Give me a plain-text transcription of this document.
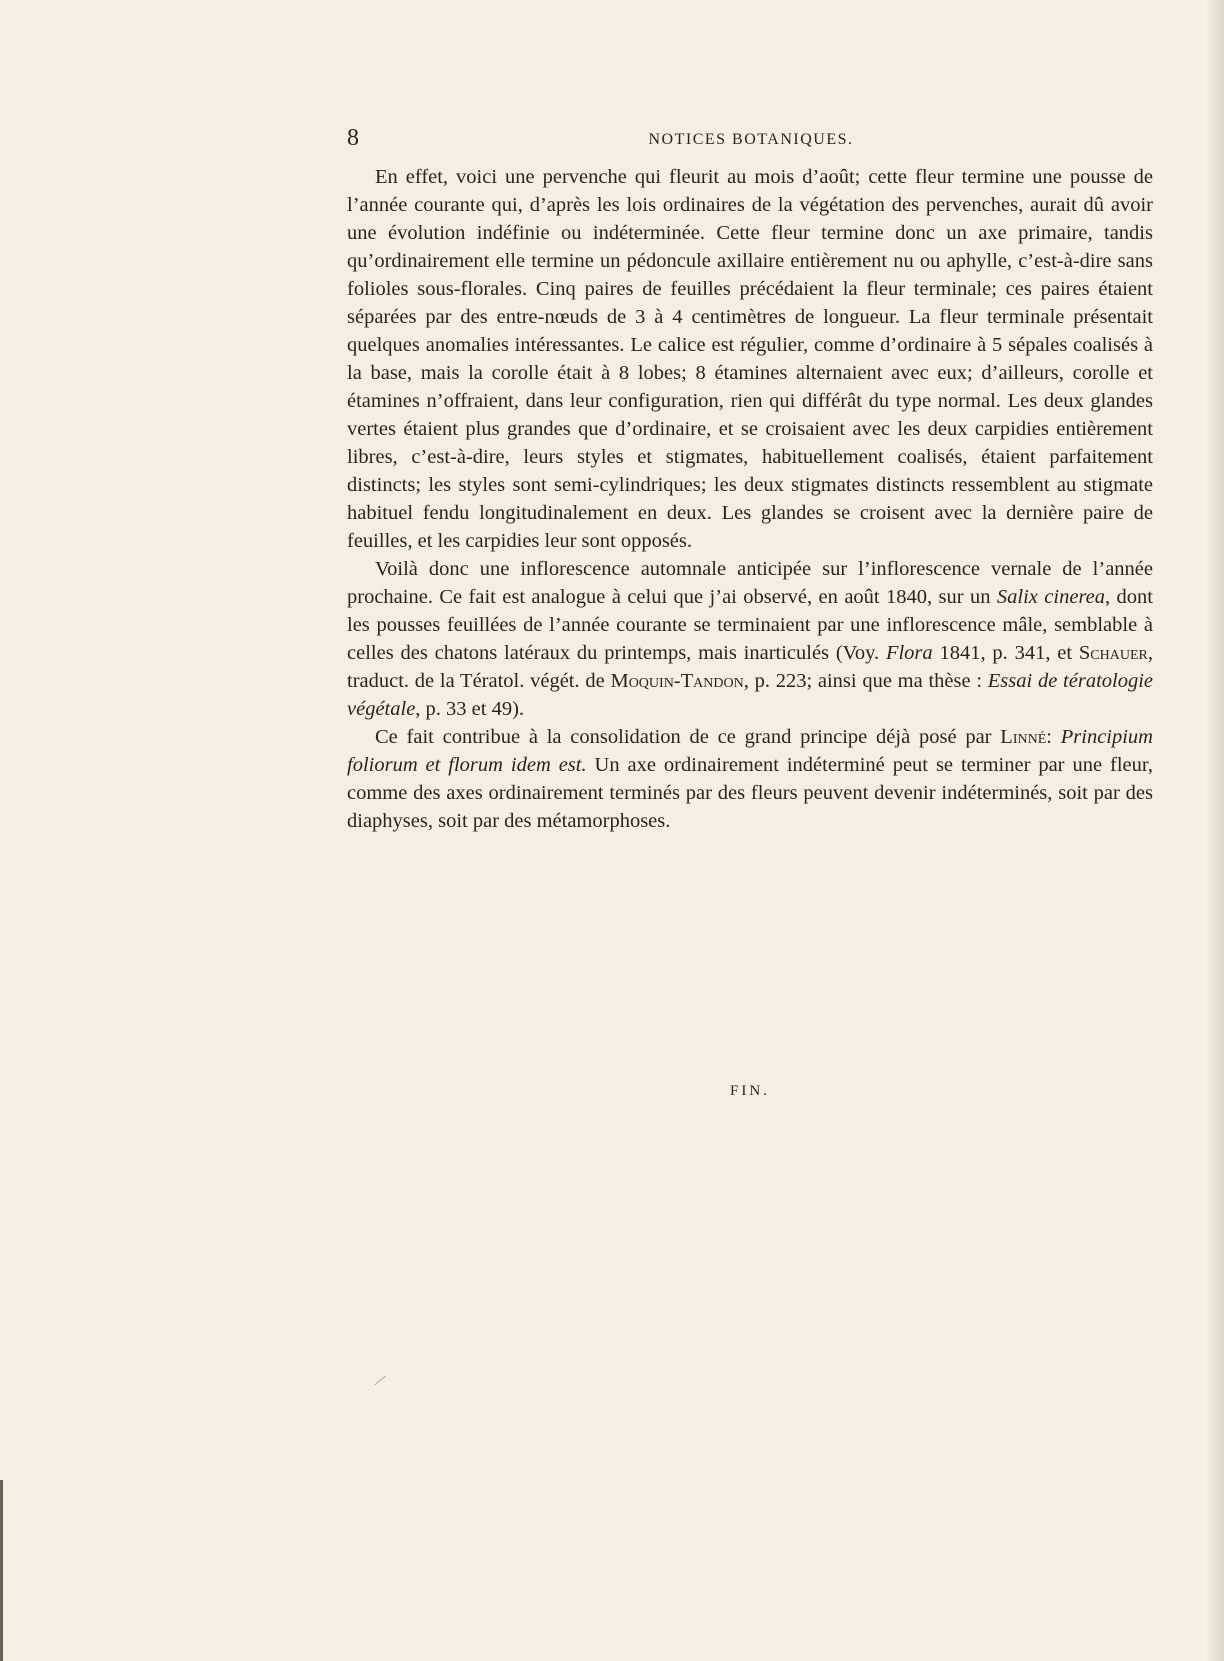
8	NOTICES BOTANIQUES.

En effet, voici une pervenche qui fleurit au mois d’août; cette fleur termine une pousse de l’année courante qui, d’après les lois ordinaires de la végétation des pervenches, aurait dû avoir une évolution indéfinie ou indéterminée. Cette fleur termine donc un axe primaire, tandis qu’ordinairement elle termine un pédoncule axillaire entièrement nu ou aphylle, c’est-à-dire sans folioles sous-florales. Cinq paires de feuilles précédaient la fleur terminale; ces paires étaient séparées par des entre-nœuds de 3 à 4 centimètres de longueur. La fleur terminale présentait quelques anomalies intéressantes. Le calice est régulier, comme d’ordinaire à 5 sépales coalisés à la base, mais la corolle était à 8 lobes; 8 étamines alternaient avec eux; d’ailleurs, corolle et étamines n’offraient, dans leur configuration, rien qui différât du type normal. Les deux glandes vertes étaient plus grandes que d’ordinaire, et se croisaient avec les deux carpidies entièrement libres, c’est-à-dire, leurs styles et stigmates, habituellement coalisés, étaient parfaitement distincts; les styles sont semi-cylindriques; les deux stigmates distincts ressemblent au stigmate habituel fendu longitudinalement en deux. Les glandes se croisent avec la dernière paire de feuilles, et les carpidies leur sont opposés.

Voilà donc une inflorescence automnale anticipée sur l’inflorescence vernale de l’année prochaine. Ce fait est analogue à celui que j’ai observé, en août 1840, sur un Salix cinerea, dont les pousses feuillées de l’année courante se terminaient par une inflorescence mâle, semblable à celles des chatons latéraux du printemps, mais inarticulés (Voy. Flora 1841, p. 341, et Schauer, traduct. de la Tératol. végét. de Moquin-Tandon, p. 223; ainsi que ma thèse : Essai de tératologie végétale, p. 33 et 49).

Ce fait contribue à la consolidation de ce grand principe déjà posé par Linné: Principium foliorum et florum idem est. Un axe ordinairement indéterminé peut se terminer par une fleur, comme des axes ordinairement terminés par des fleurs peuvent devenir indéterminés, soit par des diaphyses, soit par des métamorphoses.

FIN.
